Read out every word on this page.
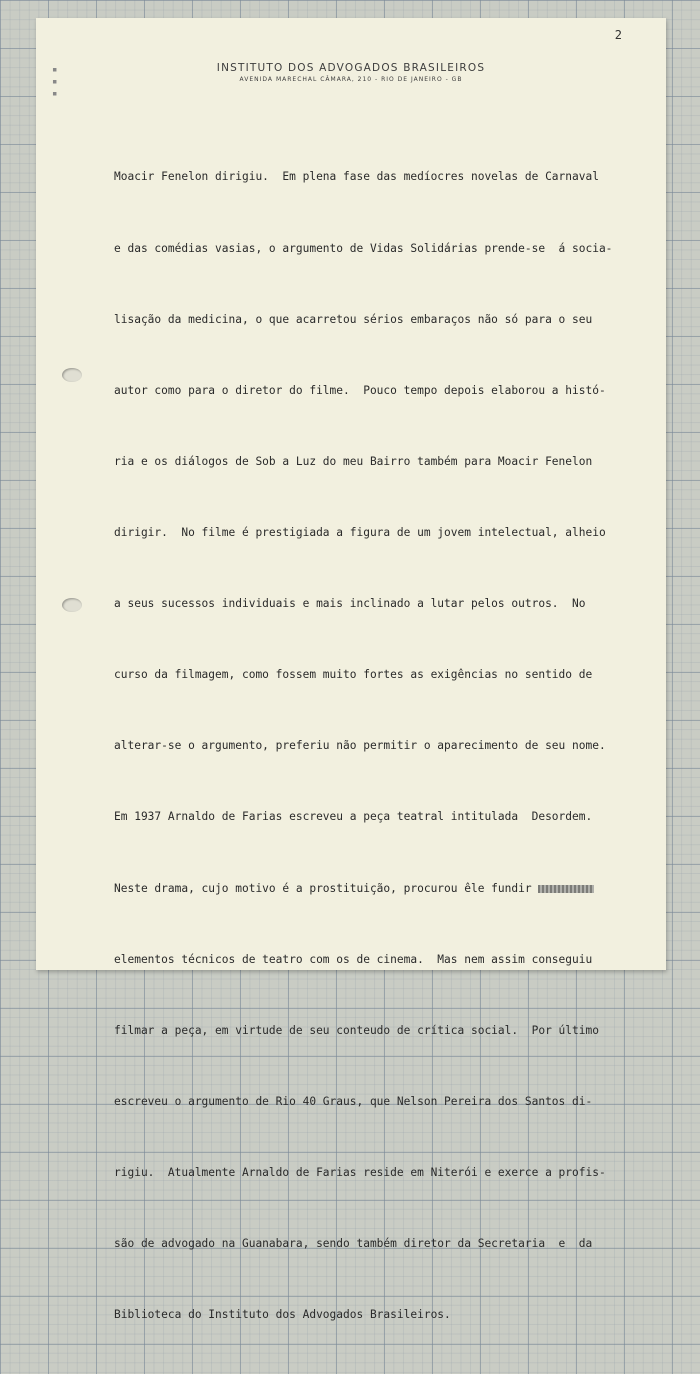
2
▪
▪
▪
INSTITUTO DOS ADVOGADOS BRASILEIROS
AVENIDA MARECHAL CÂMARA, 210 - RIO DE JANEIRO - GB

Moacir Fenelon dirigiu.  Em plena fase das medíocres novelas de Carnaval

e das comédias vasias, o argumento de Vidas Solidárias prende-se  á socia-

lisação da medicina, o que acarretou sérios embaraços não só para o seu

autor como para o diretor do filme.  Pouco tempo depois elaborou a histó-

ria e os diálogos de Sob a Luz do meu Bairro também para Moacir Fenelon

dirigir.  No filme é prestigiada a figura de um jovem intelectual, alheio

a seus sucessos individuais e mais inclinado a lutar pelos outros.  No

curso da filmagem, como fossem muito fortes as exigências no sentido de

alterar-se o argumento, preferiu não permitir o aparecimento de seu nome.

Em 1937 Arnaldo de Farias escreveu a peça teatral intitulada  Desordem.

Neste drama, cujo motivo é a prostituição, procurou êle fundir

elementos técnicos de teatro com os de cinema.  Mas nem assim conseguiu

filmar a peça, em virtude de seu conteudo de crítica social.  Por último

escreveu o argumento de Rio 40 Graus, que Nelson Pereira dos Santos di-

rigiu.  Atualmente Arnaldo de Farias reside em Niterói e exerce a profis-

são de advogado na Guanabara, sendo também diretor da Secretaria  e  da

Biblioteca do Instituto dos Advogados Brasileiros.
